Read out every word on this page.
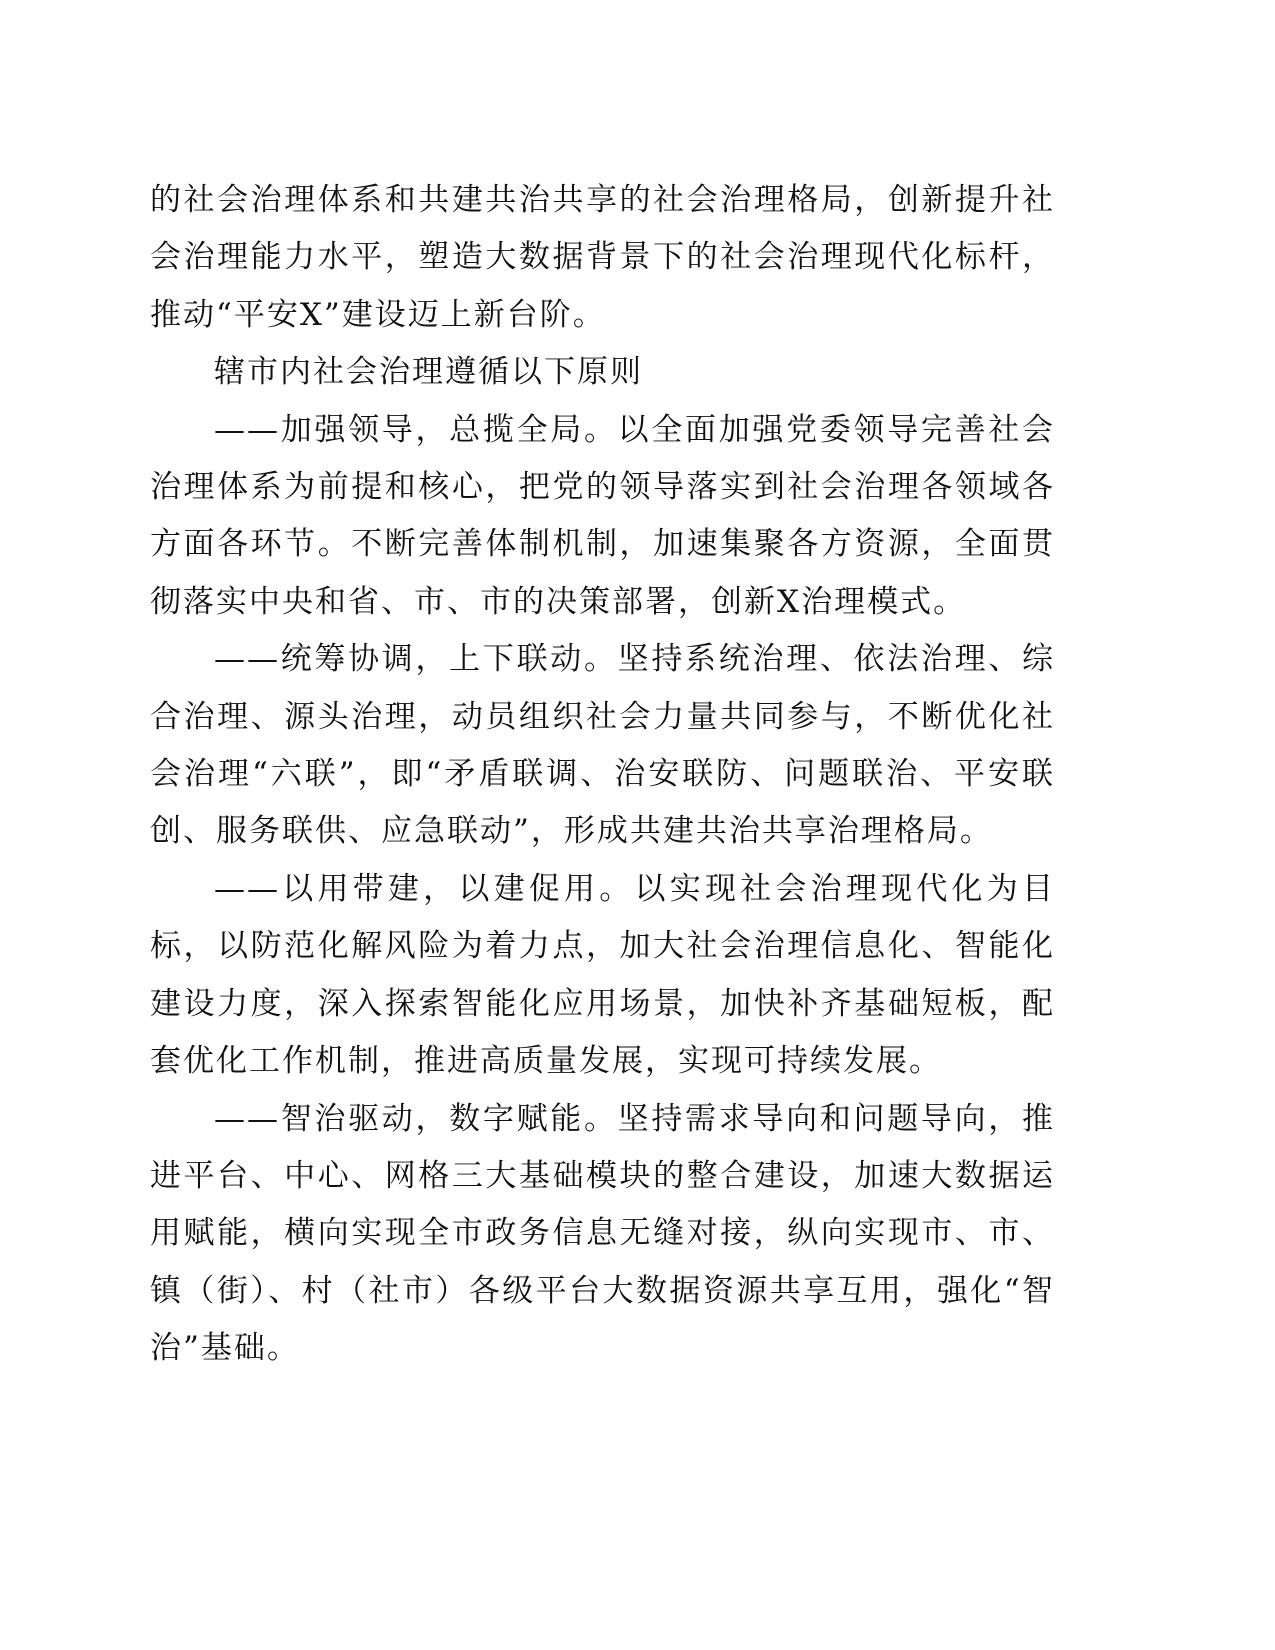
的社会治理体系和共建共治共享的社会治理格局，创新提升社会治理能力水平，塑造大数据背景下的社会治理现代化标杆，推动“平安X”建设迈上新台阶。

辖市内社会治理遵循以下原则

——加强领导，总揽全局。以全面加强党委领导完善社会治理体系为前提和核心，把党的领导落实到社会治理各领域各方面各环节。不断完善体制机制，加速集聚各方资源，全面贯彻落实中央和省、市、市的决策部署，创新X治理模式。

——统筹协调，上下联动。坚持系统治理、依法治理、综合治理、源头治理，动员组织社会力量共同参与，不断优化社会治理“六联”，即“矛盾联调、治安联防、问题联治、平安联创、服务联供、应急联动”，形成共建共治共享治理格局。

——以用带建，以建促用。以实现社会治理现代化为目标，以防范化解风险为着力点，加大社会治理信息化、智能化建设力度，深入探索智能化应用场景，加快补齐基础短板，配套优化工作机制，推进高质量发展，实现可持续发展。

——智治驱动，数字赋能。坚持需求导向和问题导向，推进平台、中心、网格三大基础模块的整合建设，加速大数据运用赋能，横向实现全市政务信息无缝对接，纵向实现市、市、镇（街）、村（社市）各级平台大数据资源共享互用，强化“智治”基础。
